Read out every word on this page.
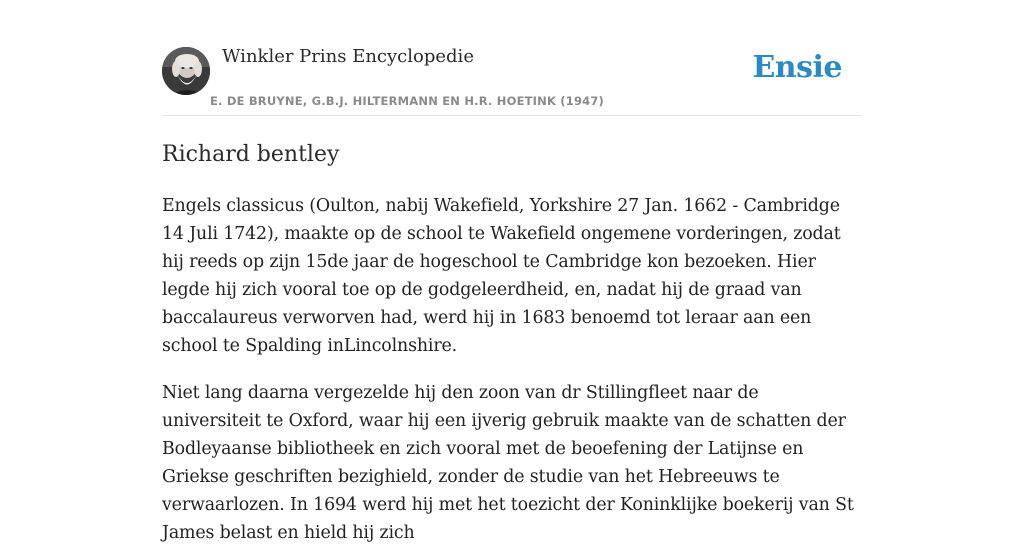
Winkler Prins Encyclopedie
E. DE BRUYNE, G.B.J. HILTERMANN EN H.R. HOETINK (1947)
Ensie
Richard bentley

Engels classicus (Oulton, nabij Wakefield, Yorkshire 27 Jan. 1662 - Cambridge 14 Juli 1742), maakte op de school te Wakefield ongemene vorderingen, zodat hij reeds op zijn 15de jaar de hogeschool te Cambridge kon bezoeken. Hier legde hij zich vooral toe op de godgeleerdheid, en, nadat hij de graad van baccalaureus verworven had, werd hij in 1683 benoemd tot leraar aan een school te Spalding inLincolnshire.

Niet lang daarna vergezelde hij den zoon van dr Stillingfleet naar de universiteit te Oxford, waar hij een ijverig gebruik maakte van de schatten der Bodleyaanse bibliotheek en zich vooral met de beoefening der Latijnse en Griekse geschriften bezighield, zonder de studie van het Hebreeuws te verwaarlozen. In 1694 werd hij met het toezicht der Koninklijke boekerij van St James belast en hield hij zich
